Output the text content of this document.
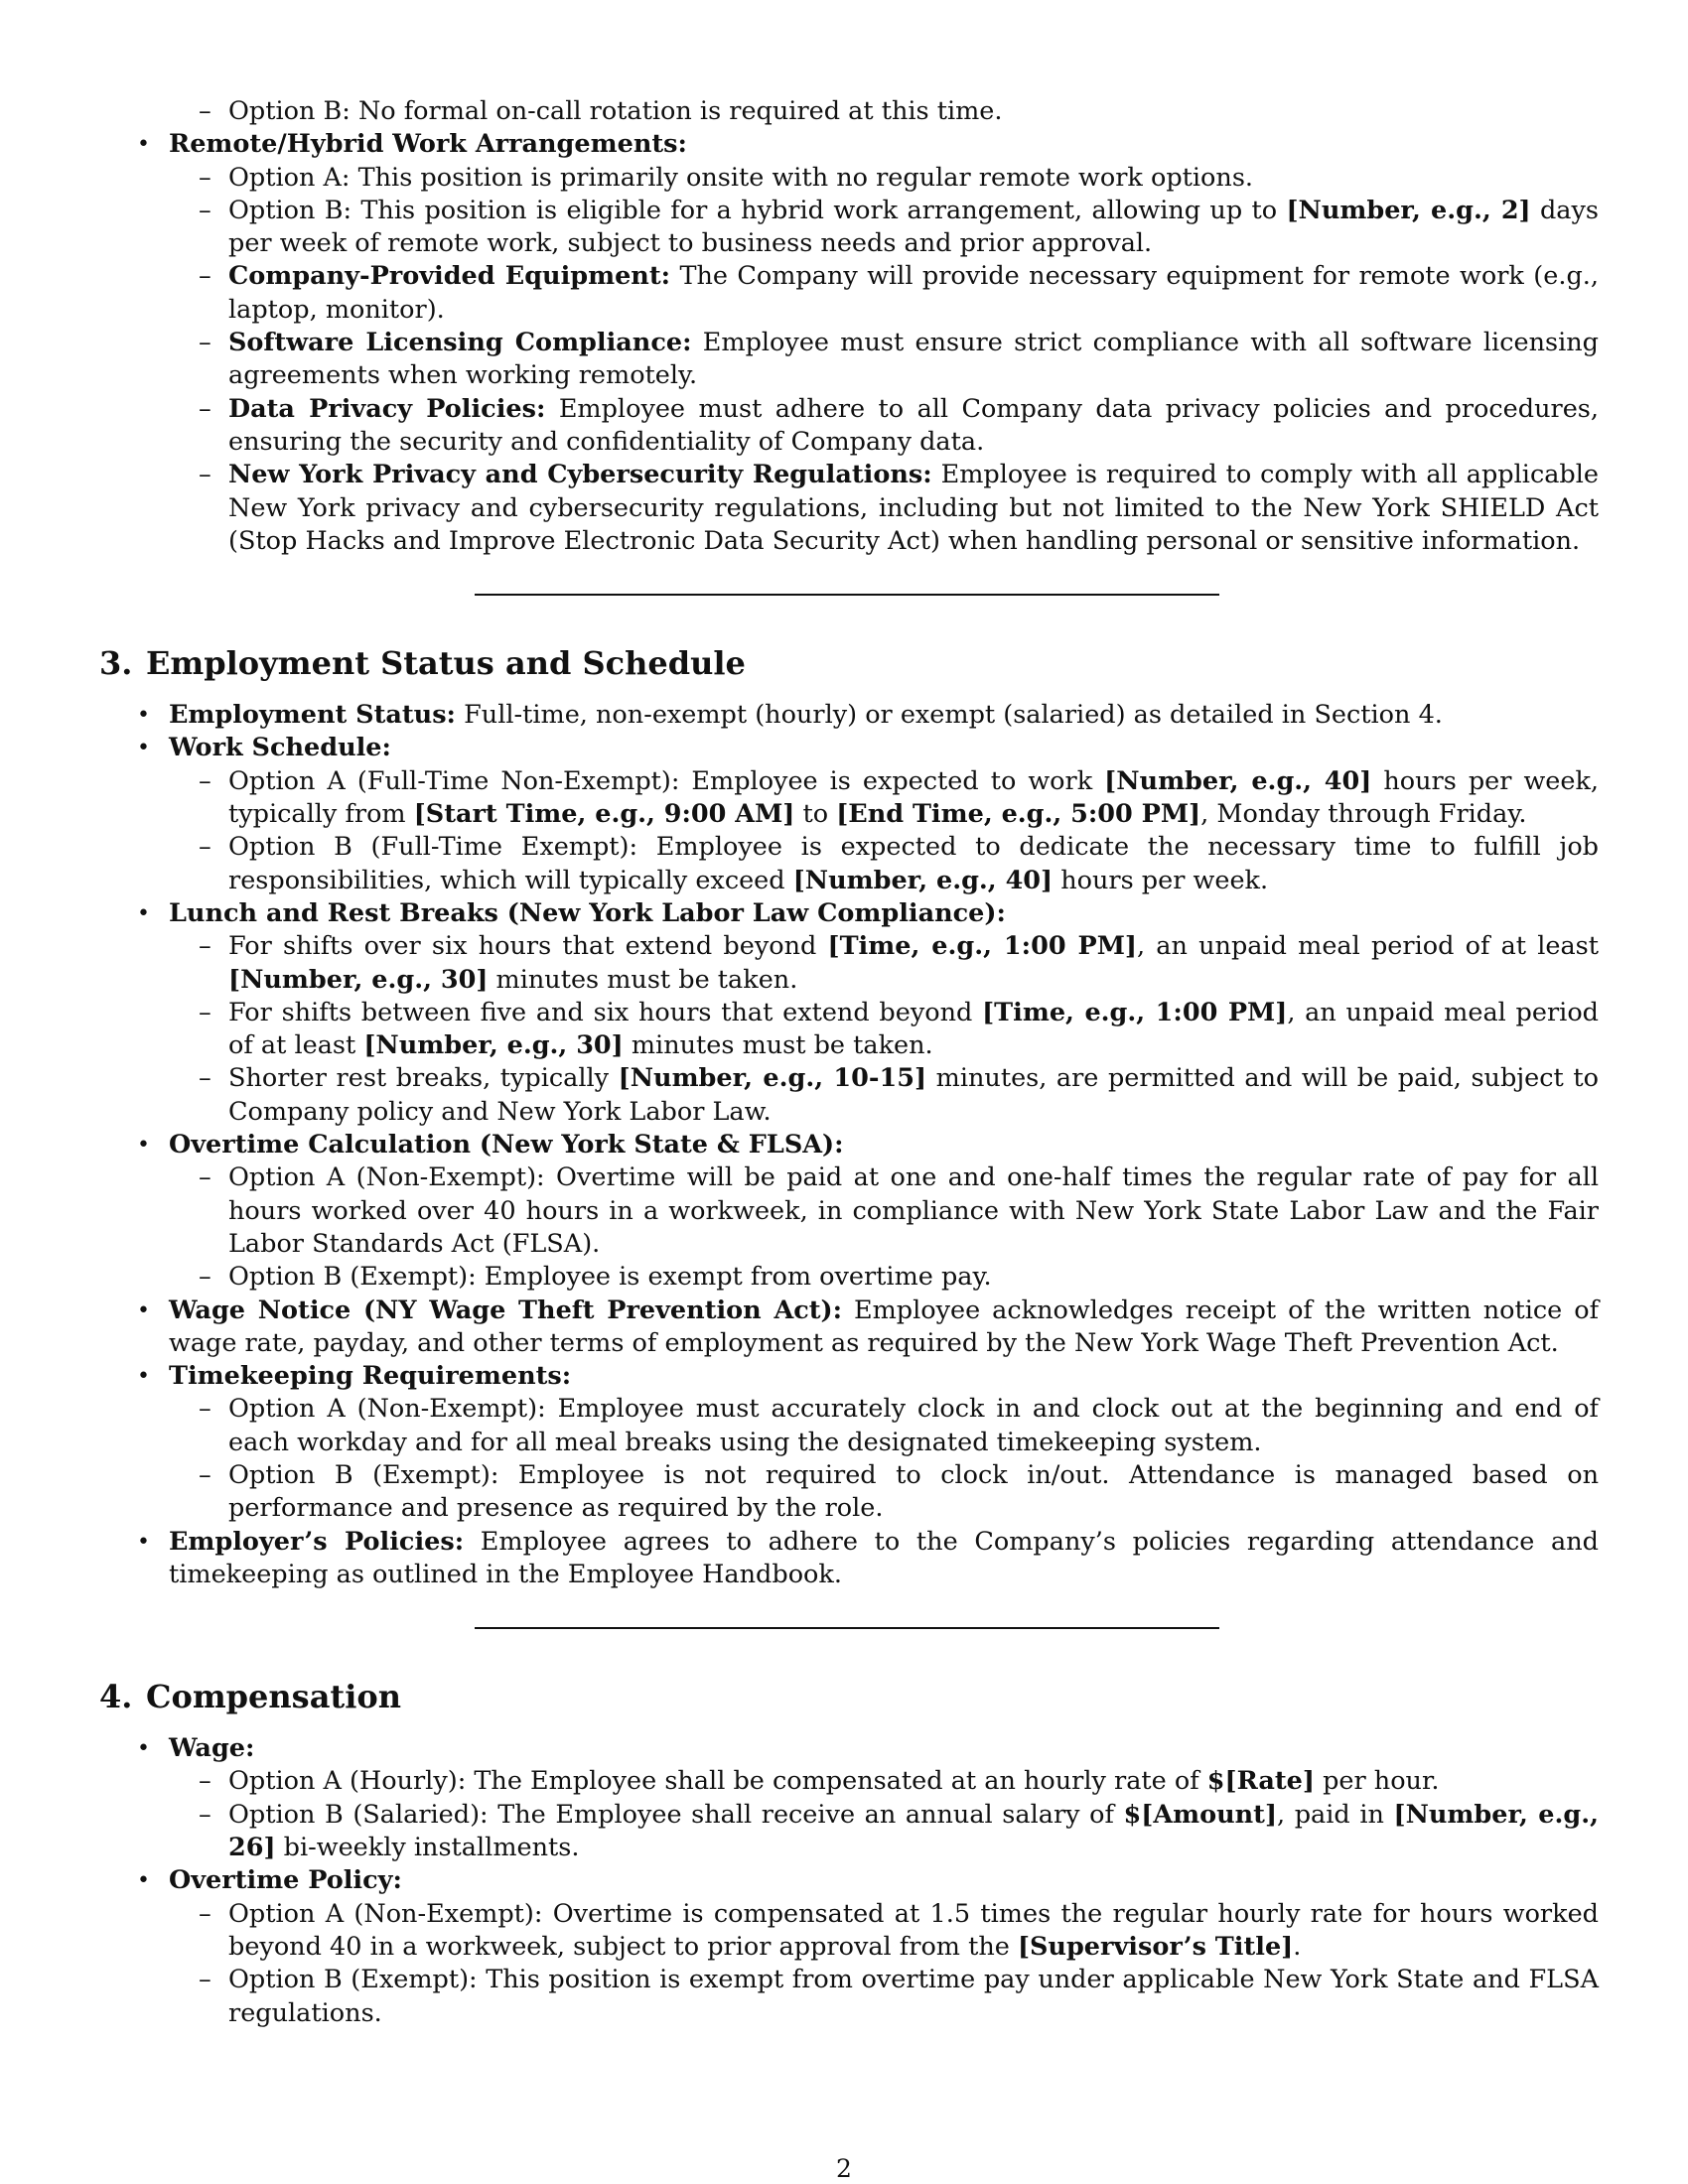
– Option B: No formal on-call rotation is required at this time.
• Remote/Hybrid Work Arrangements:
– Option A: This position is primarily onsite with no regular remote work options.
– Option B: This position is eligible for a hybrid work arrangement, allowing up to [Number, e.g., 2] days per week of remote work, subject to business needs and prior approval.
– Company-Provided Equipment: The Company will provide necessary equipment for remote work (e.g., laptop, monitor).
– Software Licensing Compliance: Employee must ensure strict compliance with all software licensing agreements when working remotely.
– Data Privacy Policies: Employee must adhere to all Company data privacy policies and procedures, ensuring the security and confidentiality of Company data.
– New York Privacy and Cybersecurity Regulations: Employee is required to comply with all applicable New York privacy and cybersecurity regulations, including but not limited to the New York SHIELD Act (Stop Hacks and Improve Electronic Data Security Act) when handling personal or sensitive information.
3. Employment Status and Schedule
• Employment Status: Full-time, non-exempt (hourly) or exempt (salaried) as detailed in Section 4.
• Work Schedule:
– Option A (Full-Time Non-Exempt): Employee is expected to work [Number, e.g., 40] hours per week, typically from [Start Time, e.g., 9:00 AM] to [End Time, e.g., 5:00 PM], Monday through Friday.
– Option B (Full-Time Exempt): Employee is expected to dedicate the necessary time to fulfill job responsibilities, which will typically exceed [Number, e.g., 40] hours per week.
• Lunch and Rest Breaks (New York Labor Law Compliance):
– For shifts over six hours that extend beyond [Time, e.g., 1:00 PM], an unpaid meal period of at least [Number, e.g., 30] minutes must be taken.
– For shifts between five and six hours that extend beyond [Time, e.g., 1:00 PM], an unpaid meal period of at least [Number, e.g., 30] minutes must be taken.
– Shorter rest breaks, typically [Number, e.g., 10-15] minutes, are permitted and will be paid, subject to Company policy and New York Labor Law.
• Overtime Calculation (New York State & FLSA):
– Option A (Non-Exempt): Overtime will be paid at one and one-half times the regular rate of pay for all hours worked over 40 hours in a workweek, in compliance with New York State Labor Law and the Fair Labor Standards Act (FLSA).
– Option B (Exempt): Employee is exempt from overtime pay.
• Wage Notice (NY Wage Theft Prevention Act): Employee acknowledges receipt of the written notice of wage rate, payday, and other terms of employment as required by the New York Wage Theft Prevention Act.
• Timekeeping Requirements:
– Option A (Non-Exempt): Employee must accurately clock in and clock out at the beginning and end of each workday and for all meal breaks using the designated timekeeping system.
– Option B (Exempt): Employee is not required to clock in/out. Attendance is managed based on performance and presence as required by the role.
• Employer’s Policies: Employee agrees to adhere to the Company’s policies regarding attendance and timekeeping as outlined in the Employee Handbook.
4. Compensation
• Wage:
– Option A (Hourly): The Employee shall be compensated at an hourly rate of $[Rate] per hour.
– Option B (Salaried): The Employee shall receive an annual salary of $[Amount], paid in [Number, e.g., 26] bi-weekly installments.
• Overtime Policy:
– Option A (Non-Exempt): Overtime is compensated at 1.5 times the regular hourly rate for hours worked beyond 40 in a workweek, subject to prior approval from the [Supervisor’s Title].
– Option B (Exempt): This position is exempt from overtime pay under applicable New York State and FLSA regulations.
2
